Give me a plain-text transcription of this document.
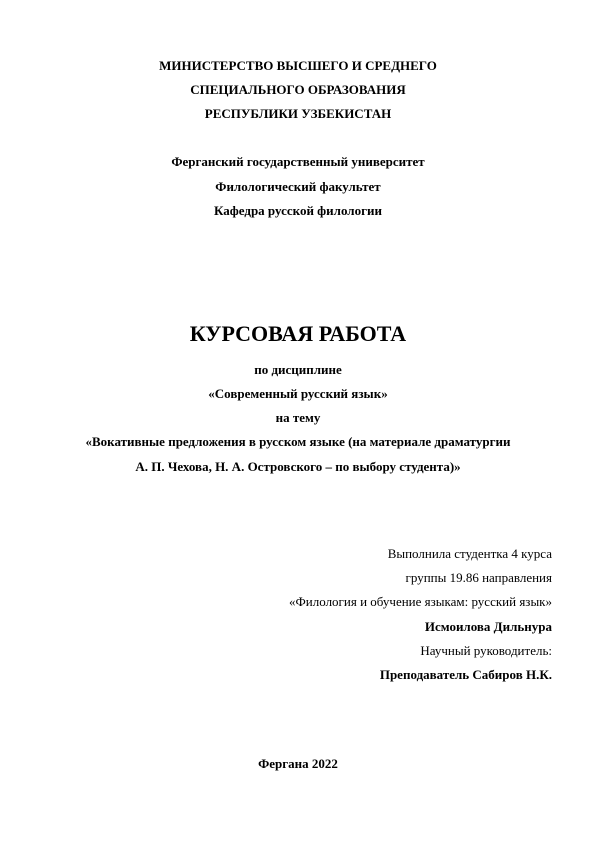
МИНИСТЕРСТВО ВЫСШЕГО И СРЕДНЕГО
СПЕЦИАЛЬНОГО ОБРАЗОВАНИЯ
РЕСПУБЛИКИ УЗБЕКИСТАН
Ферганский государственный университет
Филологический факультет
Кафедра русской филологии
КУРСОВАЯ РАБОТА
по дисциплине
«Современный русский язык»
на тему
«Вокативные предложения в русском языке (на материале драматургии
А. П. Чехова, Н. А. Островского – по выбору студента)»
Выполнила студентка 4 курса
группы 19.86 направления
«Филология и обучение языкам: русский язык»
Исмоилова Дильнура
Научный руководитель:
Преподаватель Сабиров Н.К.
Фергана 2022
